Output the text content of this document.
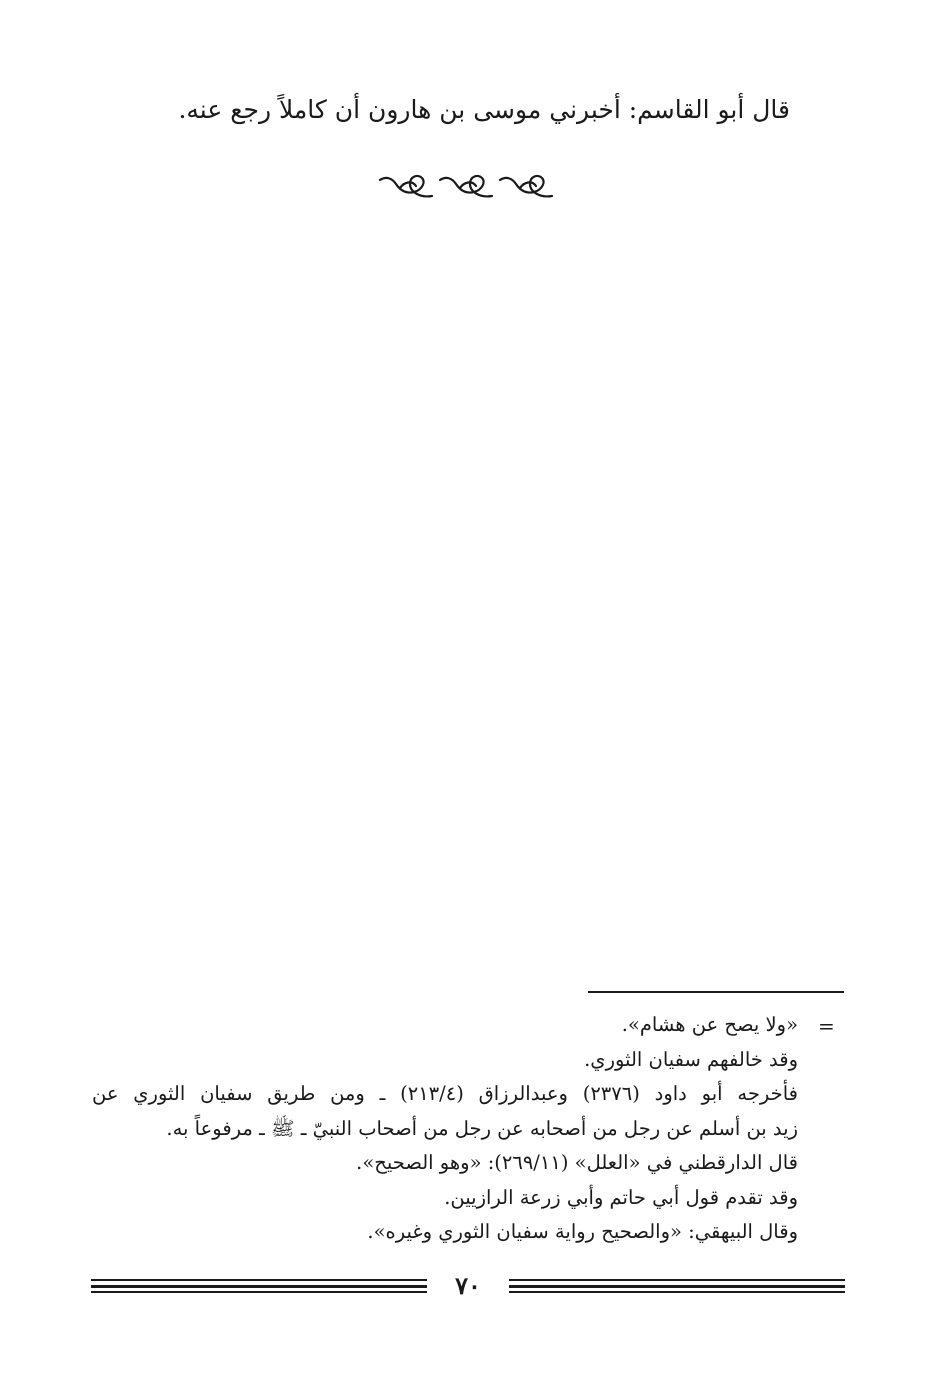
قال أبو القاسم: أخبرني موسى بن هارون أن كاملاً رجع عنه.
=
«ولا يصح عن هشام».
وقد خالفهم سفيان الثوري.
فأخرجه أبو داود (٢٣٧٦) وعبدالرزاق (٢١٣/٤) ـ ومن طريق سفيان الثوري عن
زيد بن أسلم عن رجل من أصحابه عن رجل من أصحاب النبيّ ـ ﷺ ـ مرفوعاً به.
قال الدارقطني في «العلل» (٢٦٩/١١): «وهو الصحيح».
وقد تقدم قول أبي حاتم وأبي زرعة الرازيين.
وقال البيهقي: «والصحيح رواية سفيان الثوري وغيره».
٧٠
